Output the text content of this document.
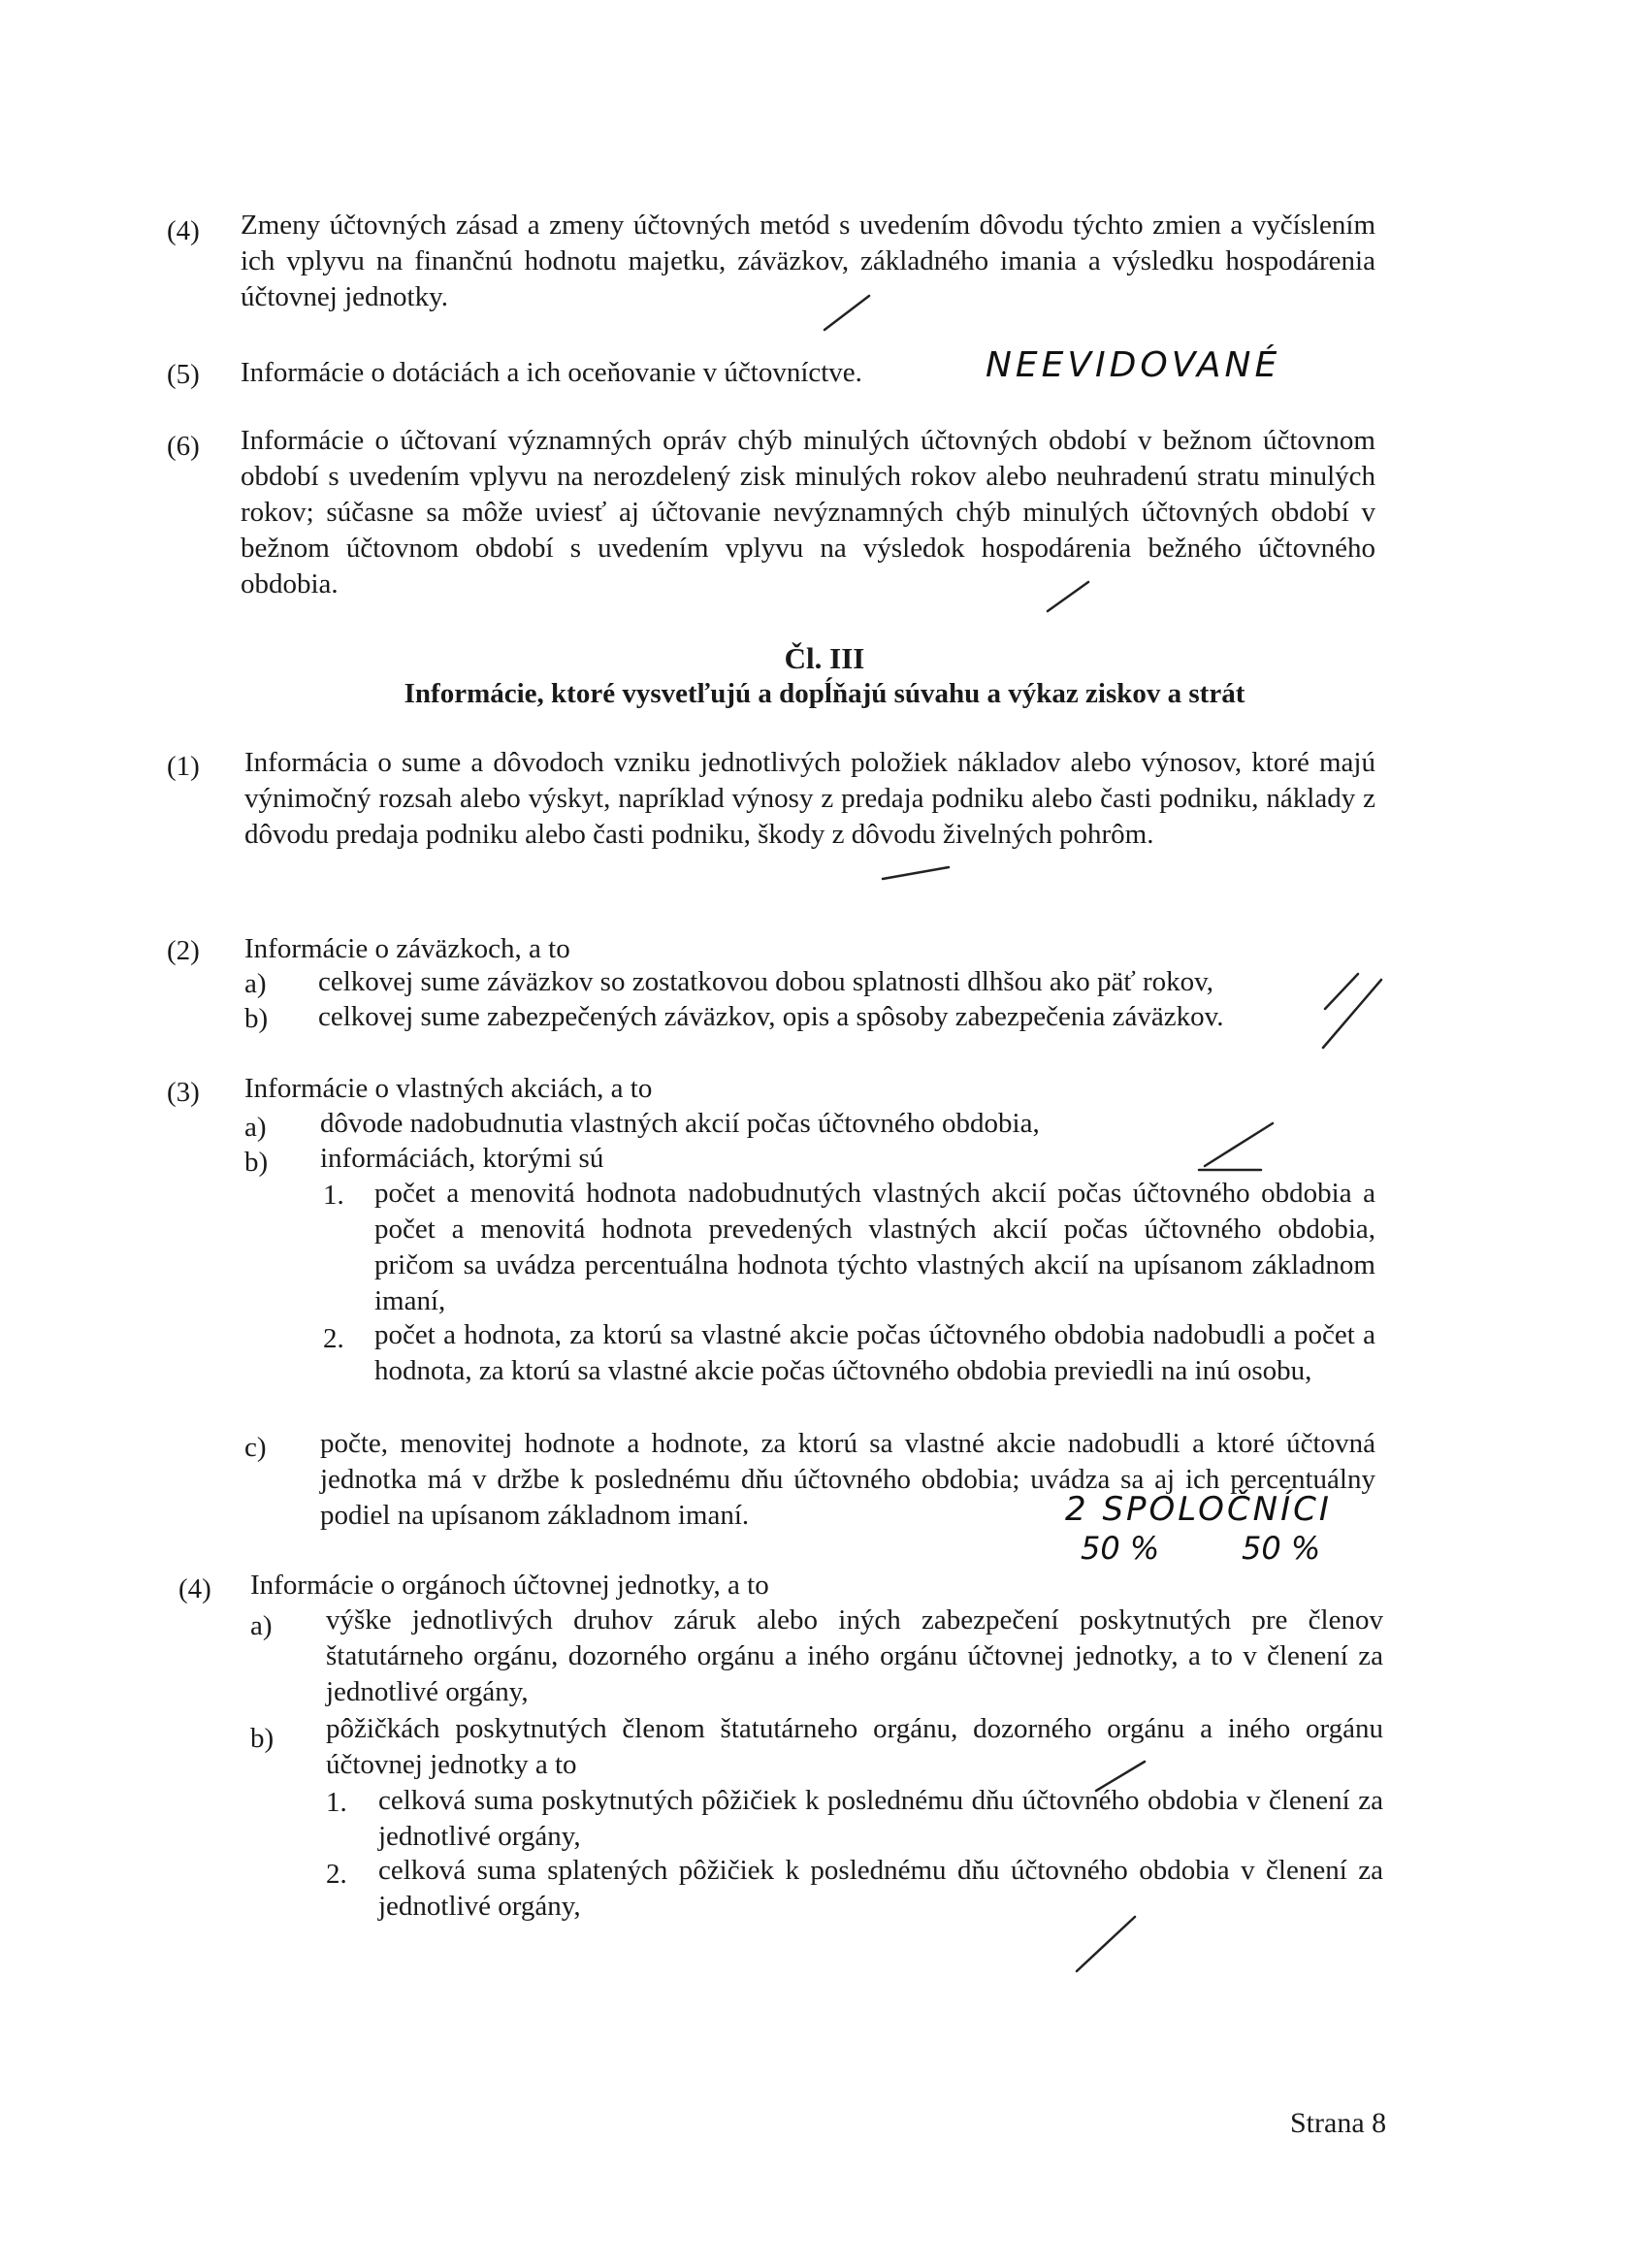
(4) Zmeny účtovných zásad a zmeny účtovných metód s uvedením dôvodu týchto zmien a vyčíslením ich vplyvu na finančnú hodnotu majetku, záväzkov, základného imania a výsledku hospodárenia účtovnej jednotky.
(5) Informácie o dotáciách a ich oceňovanie v účtovníctve.	NEEVIDOVANÉ
(6) Informácie o účtovaní významných opráv chýb minulých účtovných období v bežnom účtovnom období s uvedením vplyvu na nerozdelený zisk minulých rokov alebo neuhradenú stratu minulých rokov; súčasne sa môže uviesť aj účtovanie nevýznamných chýb minulých účtovných období v bežnom účtovnom období s uvedením vplyvu na výsledok hospodárenia bežného účtovného obdobia.
Čl. III
Informácie, ktoré vysvetľujú a dopĺňajú súvahu a výkaz ziskov a strát
(1) Informácia o sume a dôvodoch vzniku jednotlivých položiek nákladov alebo výnosov, ktoré majú výnimočný rozsah alebo výskyt, napríklad výnosy z predaja podniku alebo časti podniku, náklady z dôvodu predaja podniku alebo časti podniku, škody z dôvodu živelných pohrôm.
(2) Informácie o záväzkoch, a to
a) celkovej sume záväzkov so zostatkovou dobou splatnosti dlhšou ako päť rokov,
b) celkovej sume zabezpečených záväzkov, opis a spôsoby zabezpečenia záväzkov.
(3) Informácie o vlastných akciách, a to
a) dôvode nadobudnutia vlastných akcií počas účtovného obdobia,
b) informáciách, ktorými sú
1. počet a menovitá hodnota nadobudnutých vlastných akcií počas účtovného obdobia a počet a menovitá hodnota prevedených vlastných akcií počas účtovného obdobia, pričom sa uvádza percentuálna hodnota týchto vlastných akcií na upísanom základnom imaní,
2. počet a hodnota, za ktorú sa vlastné akcie počas účtovného obdobia nadobudli a počet a hodnota, za ktorú sa vlastné akcie počas účtovného obdobia previedli na inú osobu,
c) počte, menovitej hodnote a hodnote, za ktorú sa vlastné akcie nadobudli a ktoré účtovná jednotka má v držbe k poslednému dňu účtovného obdobia; uvádza sa aj ich percentuálny podiel na upísanom základnom imaní.	2 SPOLOČNÍCI
50 %	50 %
(4) Informácie o orgánoch účtovnej jednotky, a to
a) výške jednotlivých druhov záruk alebo iných zabezpečení poskytnutých pre členov štatutárneho orgánu, dozorného orgánu a iného orgánu účtovnej jednotky, a to v členení za jednotlivé orgány,
b) pôžičkách poskytnutých členom štatutárneho orgánu, dozorného orgánu a iného orgánu účtovnej jednotky a to
1. celková suma poskytnutých pôžičiek k poslednému dňu účtovného obdobia v členení za jednotlivé orgány,
2. celková suma splatených pôžičiek k poslednému dňu účtovného obdobia v členení za jednotlivé orgány,
Strana 8
